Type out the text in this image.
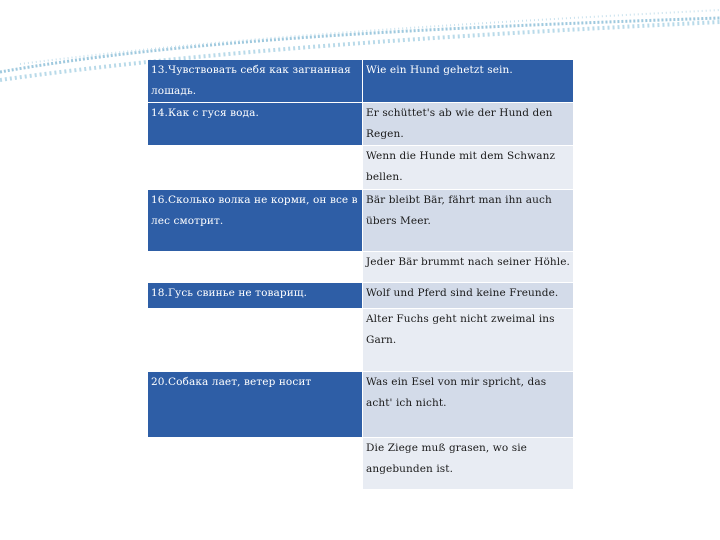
13.Чувствовать себя как загнанная лошадь.	Wie ein Hund gehetzt sein.
14.Как с гуся вода.	Er schüttet's ab wie der Hund den Regen.
15.Когда рак на горе свистнет.	Wenn die Hunde mit dem Schwanz bellen.
16.Сколько волка не корми, он все в лес смотрит.	Bär bleibt Bär, fährt man ihn auch übers Meer.
17.Всяк кулик свое болото хвалит.	Jeder Bär brummt nach seiner Höhle.
18.Гусь свинье не товарищ.	Wolf und Pferd sind keine Freunde.
19.Старого воробья на мякине не проведешь	Alter Fuchs geht nicht zweimal ins Garn.
20.Собака лает, ветер носит	Was ein Esel von mir spricht, das acht' ich nicht.
21.Всяк сверчок знай свой шесток.	Die Ziege muß grasen, wo sie angebunden ist.
